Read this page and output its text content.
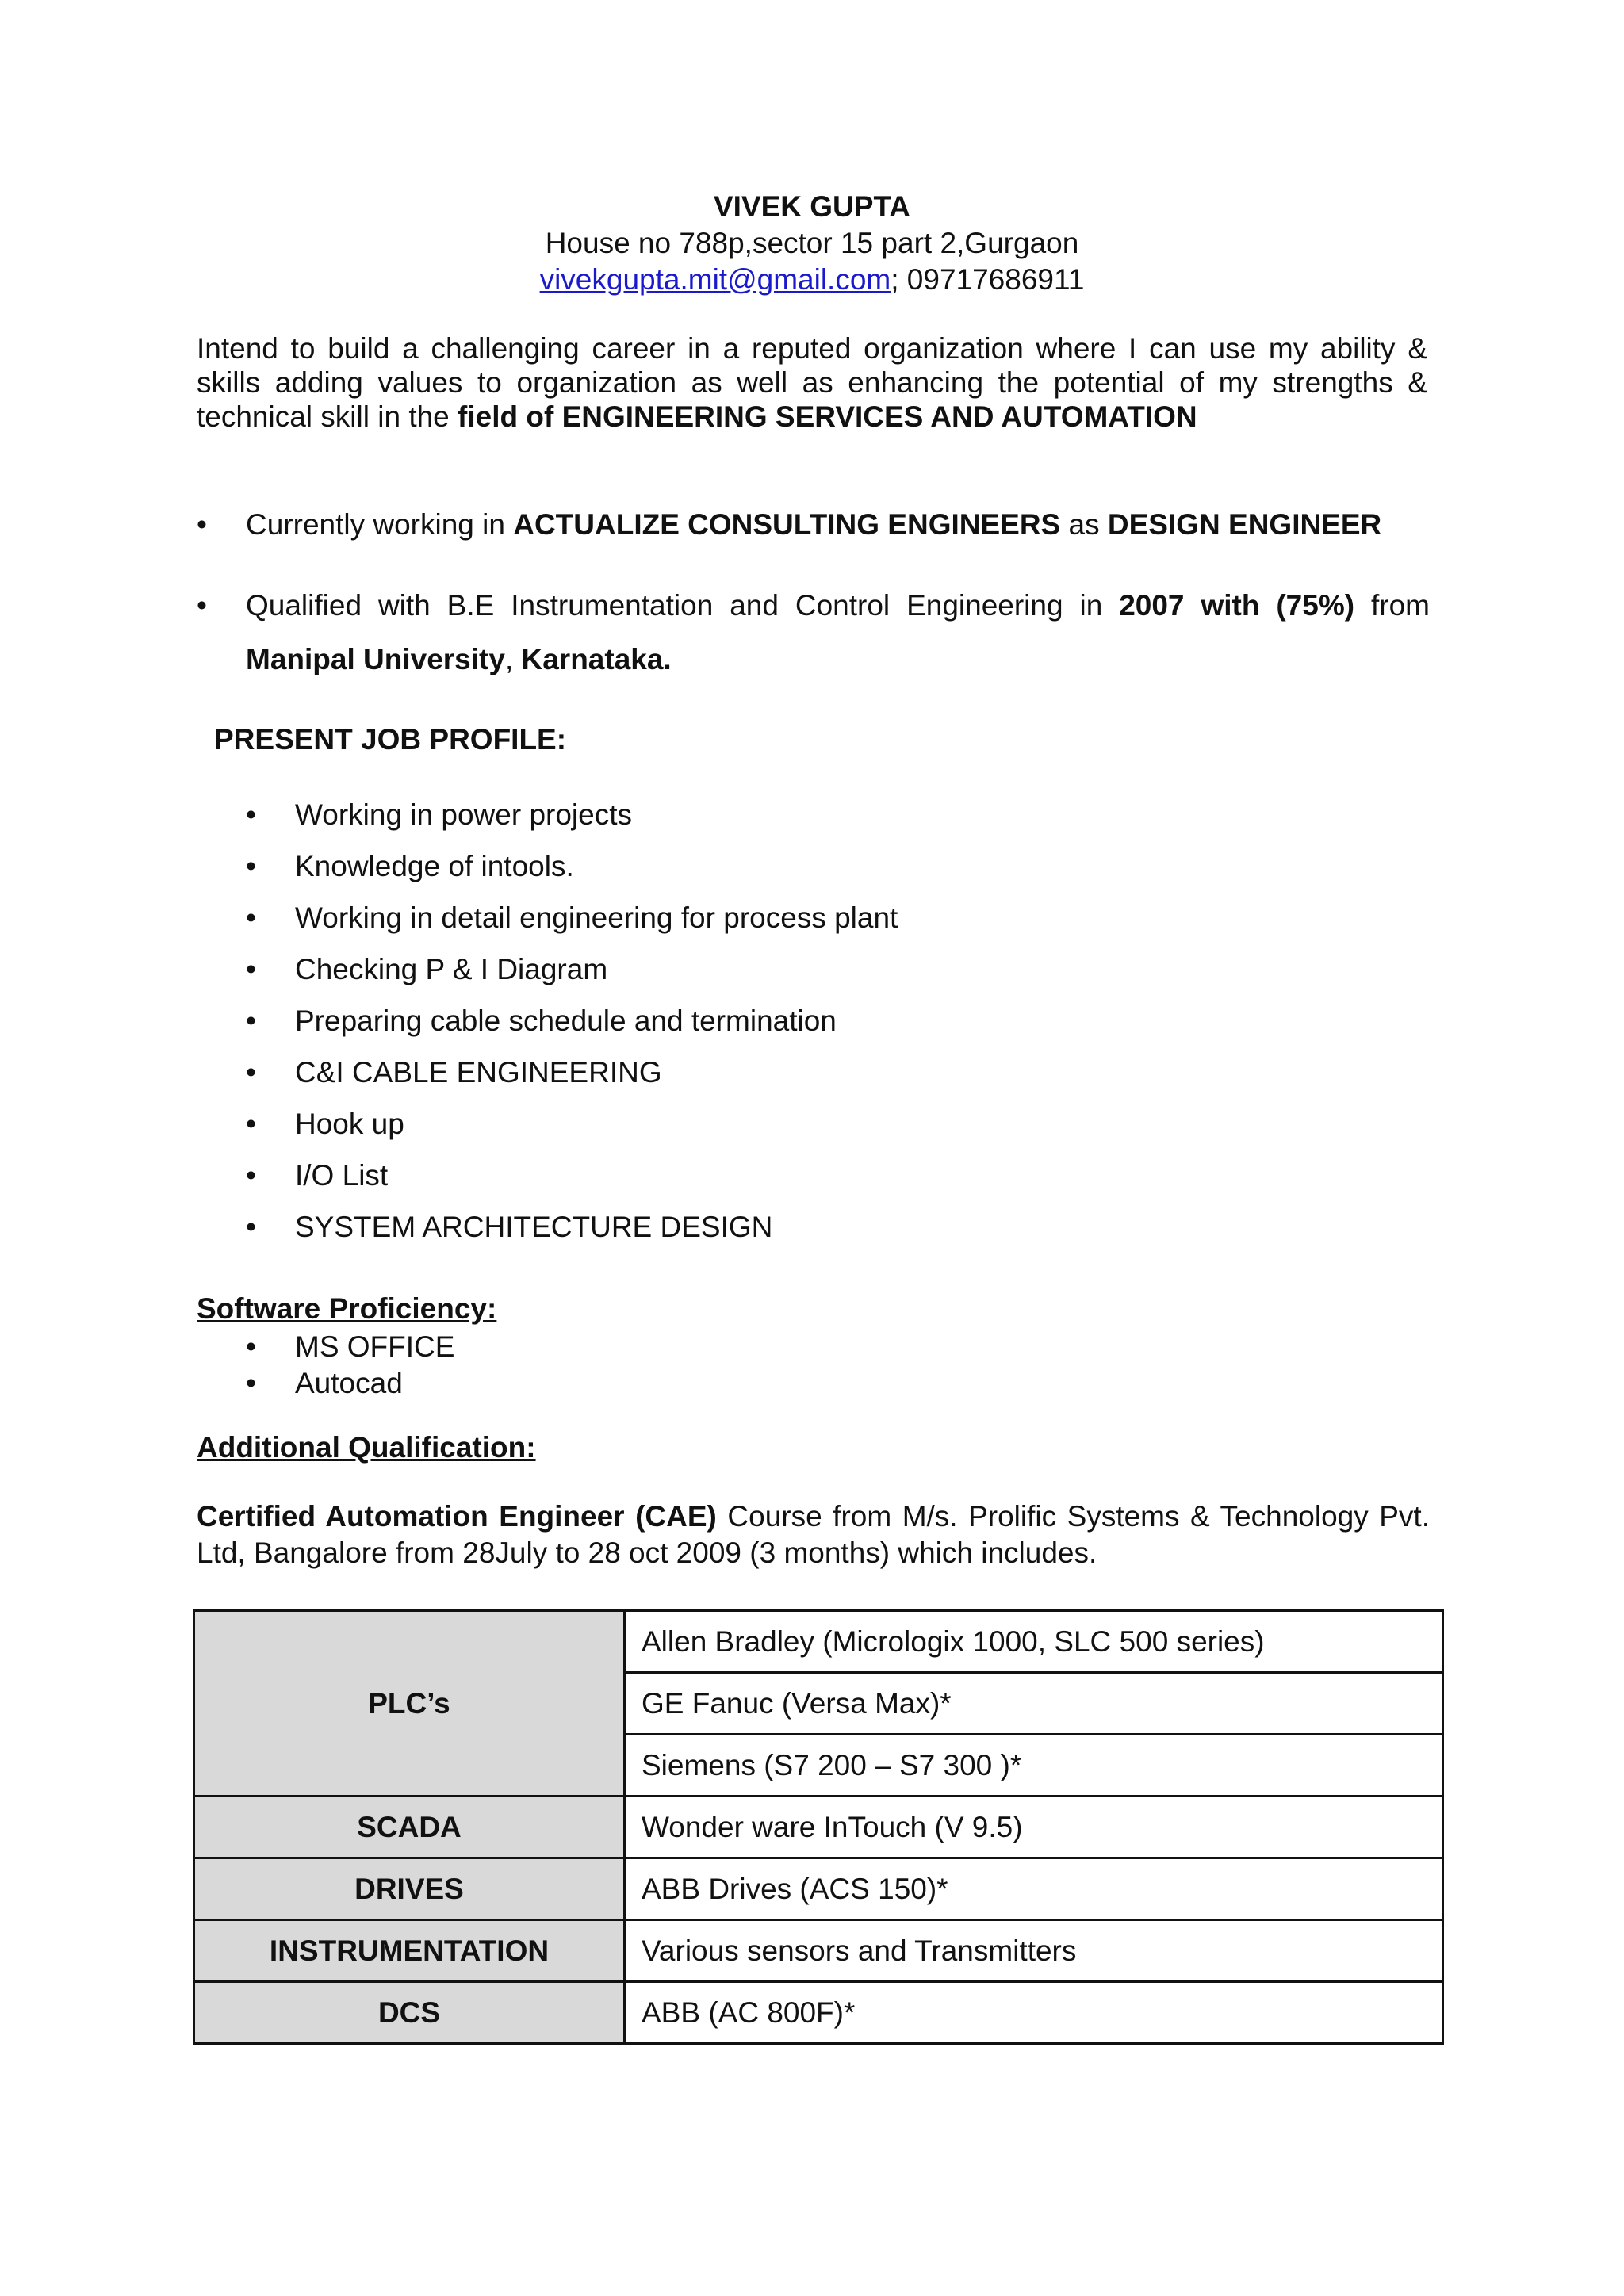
VIVEK GUPTA
House no 788p,sector 15 part 2,Gurgaon
vivekgupta.mit@gmail.com; 09717686911
Intend to build a challenging career in a reputed organization where I can use my ability & skills adding values to organization as well as enhancing the potential of my strengths & technical skill in the field of ENGINEERING SERVICES AND AUTOMATION
• Currently working in ACTUALIZE CONSULTING ENGINEERS as DESIGN ENGINEER
• Qualified with B.E Instrumentation and Control Engineering in 2007 with (75%) from
Manipal University, Karnataka.
PRESENT JOB PROFILE:
• Working in power projects
• Knowledge of intools.
• Working in detail engineering for process plant
• Checking P & I Diagram
• Preparing cable schedule and termination
• C&I CABLE ENGINEERING
• Hook up
• I/O List
• SYSTEM ARCHITECTURE DESIGN
Software Proficiency:
• MS OFFICE
• Autocad
Additional Qualification:
Certified Automation Engineer (CAE) Course from M/s. Prolific Systems & Technology Pvt. Ltd, Bangalore from 28July to 28 oct 2009 (3 months) which includes.
PLC’s	Allen Bradley (Micrologix 1000, SLC 500 series)
	GE Fanuc (Versa Max)*
	Siemens (S7 200 – S7 300 )*
SCADA	Wonder ware InTouch (V 9.5)
DRIVES	ABB Drives (ACS 150)*
INSTRUMENTATION	Various sensors and Transmitters
DCS	ABB (AC 800F)*
